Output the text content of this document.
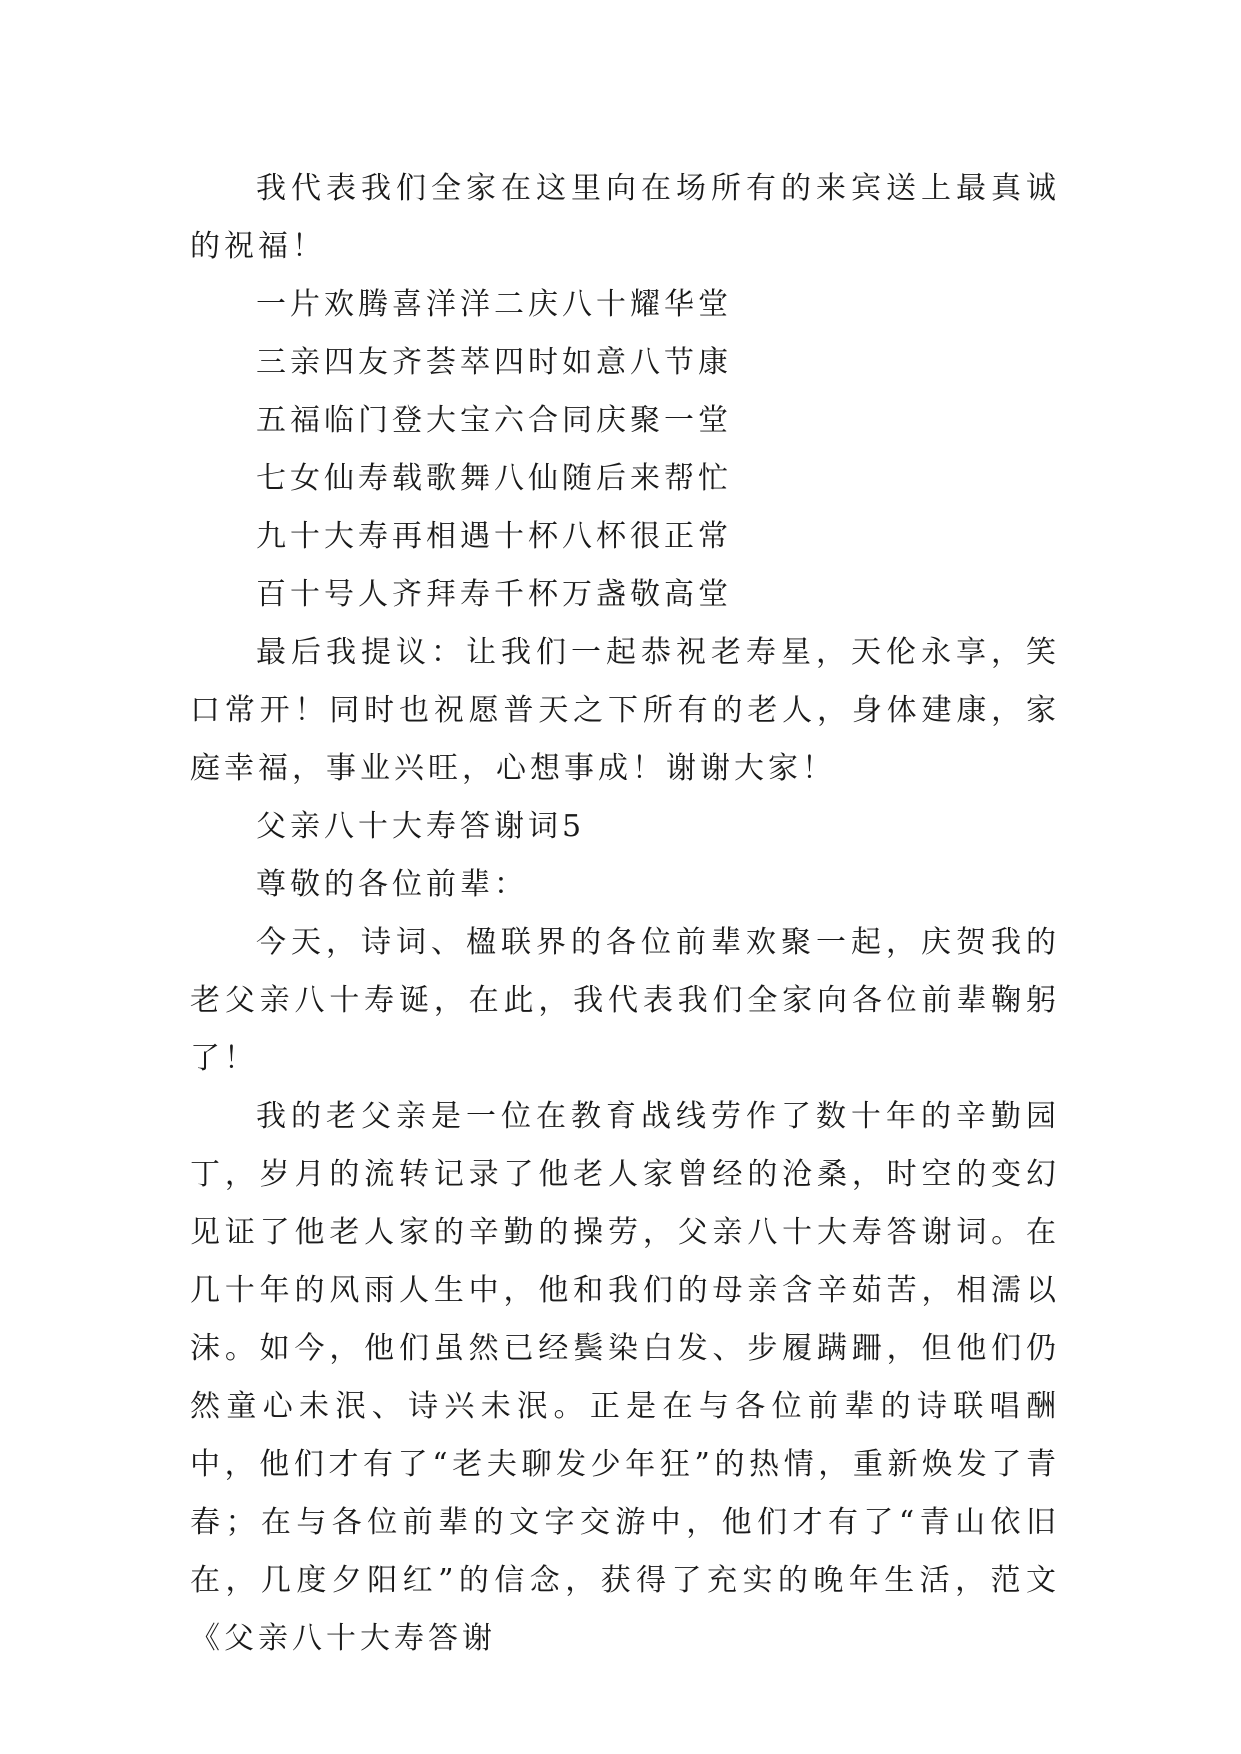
我代表我们全家在这里向在场所有的来宾送上最真诚的祝福！

一片欢腾喜洋洋二庆八十耀华堂

三亲四友齐荟萃四时如意八节康

五福临门登大宝六合同庆聚一堂

七女仙寿载歌舞八仙随后来帮忙

九十大寿再相遇十杯八杯很正常

百十号人齐拜寿千杯万盏敬高堂

最后我提议：让我们一起恭祝老寿星，天伦永享，笑口常开！同时也祝愿普天之下所有的老人，身体建康，家庭幸福，事业兴旺，心想事成！谢谢大家！

父亲八十大寿答谢词5

尊敬的各位前辈：

今天，诗词、楹联界的各位前辈欢聚一起，庆贺我的老父亲八十寿诞，在此，我代表我们全家向各位前辈鞠躬了！

我的老父亲是一位在教育战线劳作了数十年的辛勤园丁，岁月的流转记录了他老人家曾经的沧桑，时空的变幻见证了他老人家的辛勤的操劳，父亲八十大寿答谢词。在几十年的风雨人生中，他和我们的母亲含辛茹苦，相濡以沫。如今，他们虽然已经鬓染白发、步履蹒跚，但他们仍然童心未泯、诗兴未泯。正是在与各位前辈的诗联唱酬中，他们才有了“老夫聊发少年狂”的热情，重新焕发了青春；在与各位前辈的文字交游中，他们才有了“青山依旧在，几度夕阳红”的信念，获得了充实的晚年生活，范文《父亲八十大寿答谢
